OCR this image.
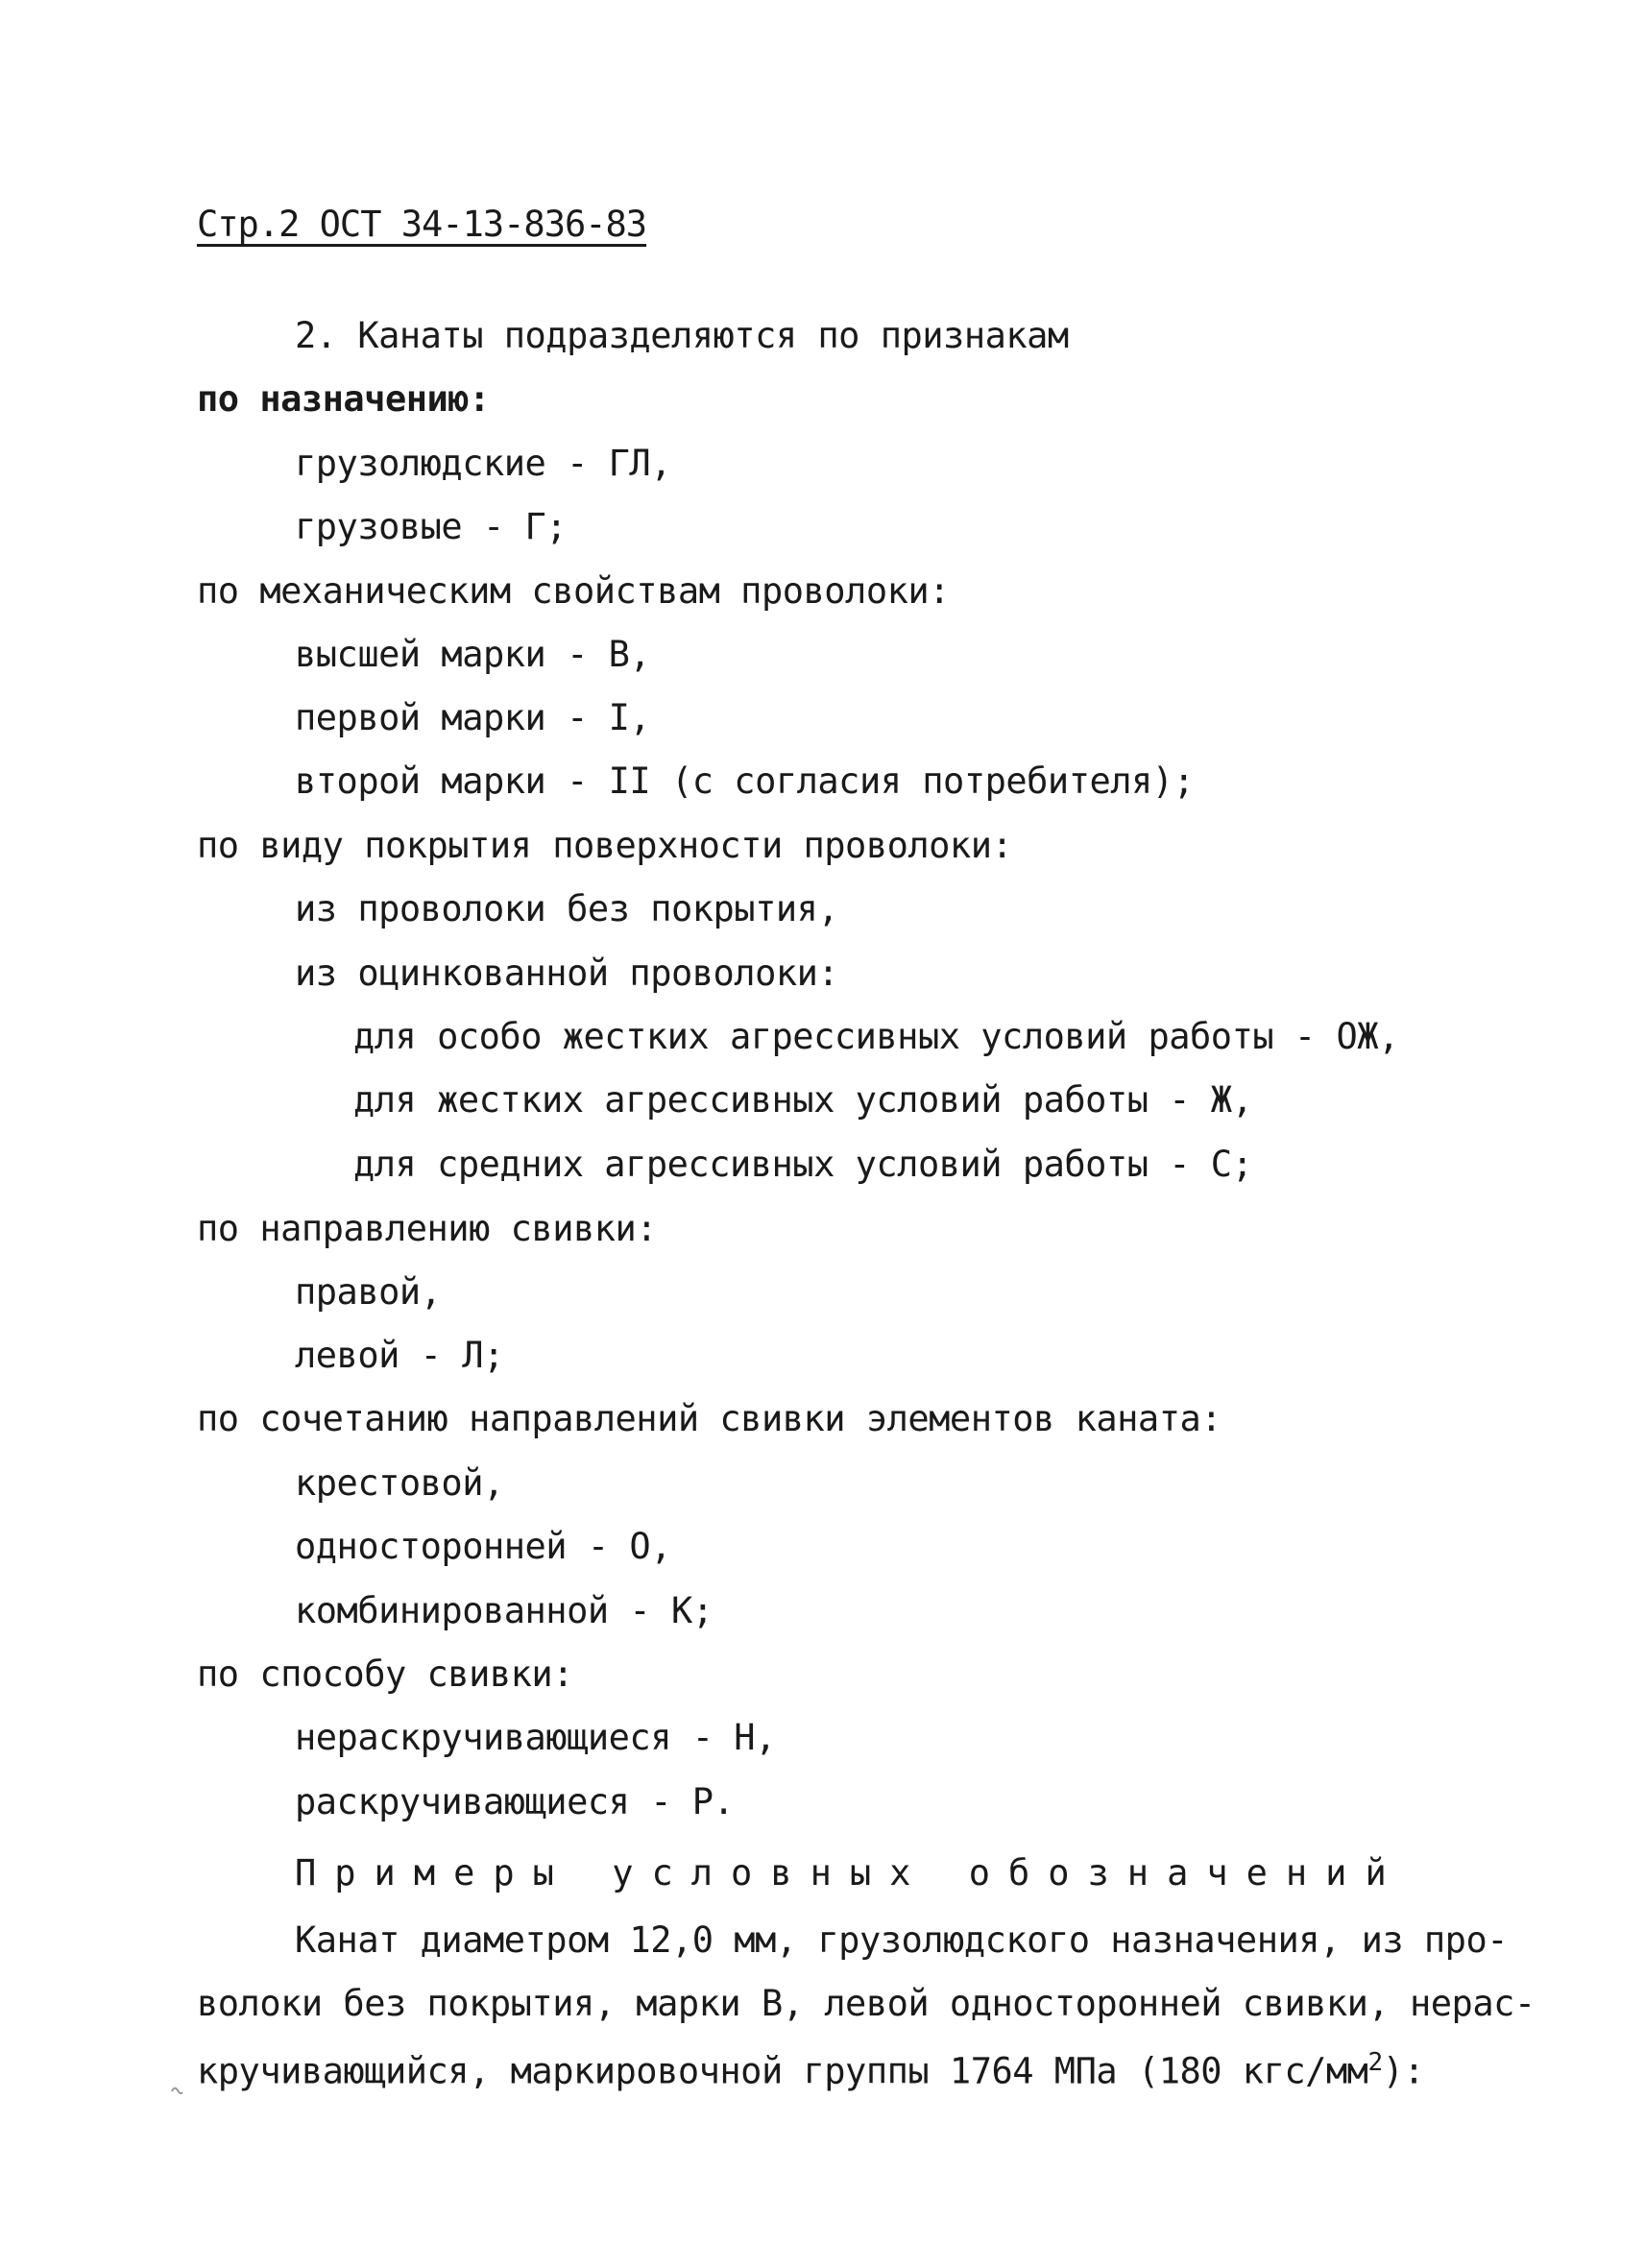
Стр.2 ОСТ 34-13-836-83
2. Канаты подразделяются по признакам
по назначению:
грузолюдские - ГЛ,
грузовые - Г;
по механическим свойствам проволоки:
высшей марки - В,
первой марки - I,
второй марки - II (с согласия потребителя);
по виду покрытия поверхности проволоки:
из проволоки без покрытия,
из оцинкованной проволоки:
для особо жестких агрессивных условий работы - ОЖ,
для жестких агрессивных условий работы - Ж,
для средних агрессивных условий работы - С;
по направлению свивки:
правой,
левой - Л;
по сочетанию направлений свивки элементов каната:
крестовой,
односторонней - О,
комбинированной - К;
по способу свивки:
нераскручивающиеся - Н,
раскручивающиеся - Р.
Примеры условных обозначений
Канат диаметром 12,0 мм, грузолюдского назначения, из про-
волоки без покрытия, марки В, левой односторонней свивки, нерас-
кручивающийся, маркировочной группы 1764 МПа (180 кгс/$мм^2$):
